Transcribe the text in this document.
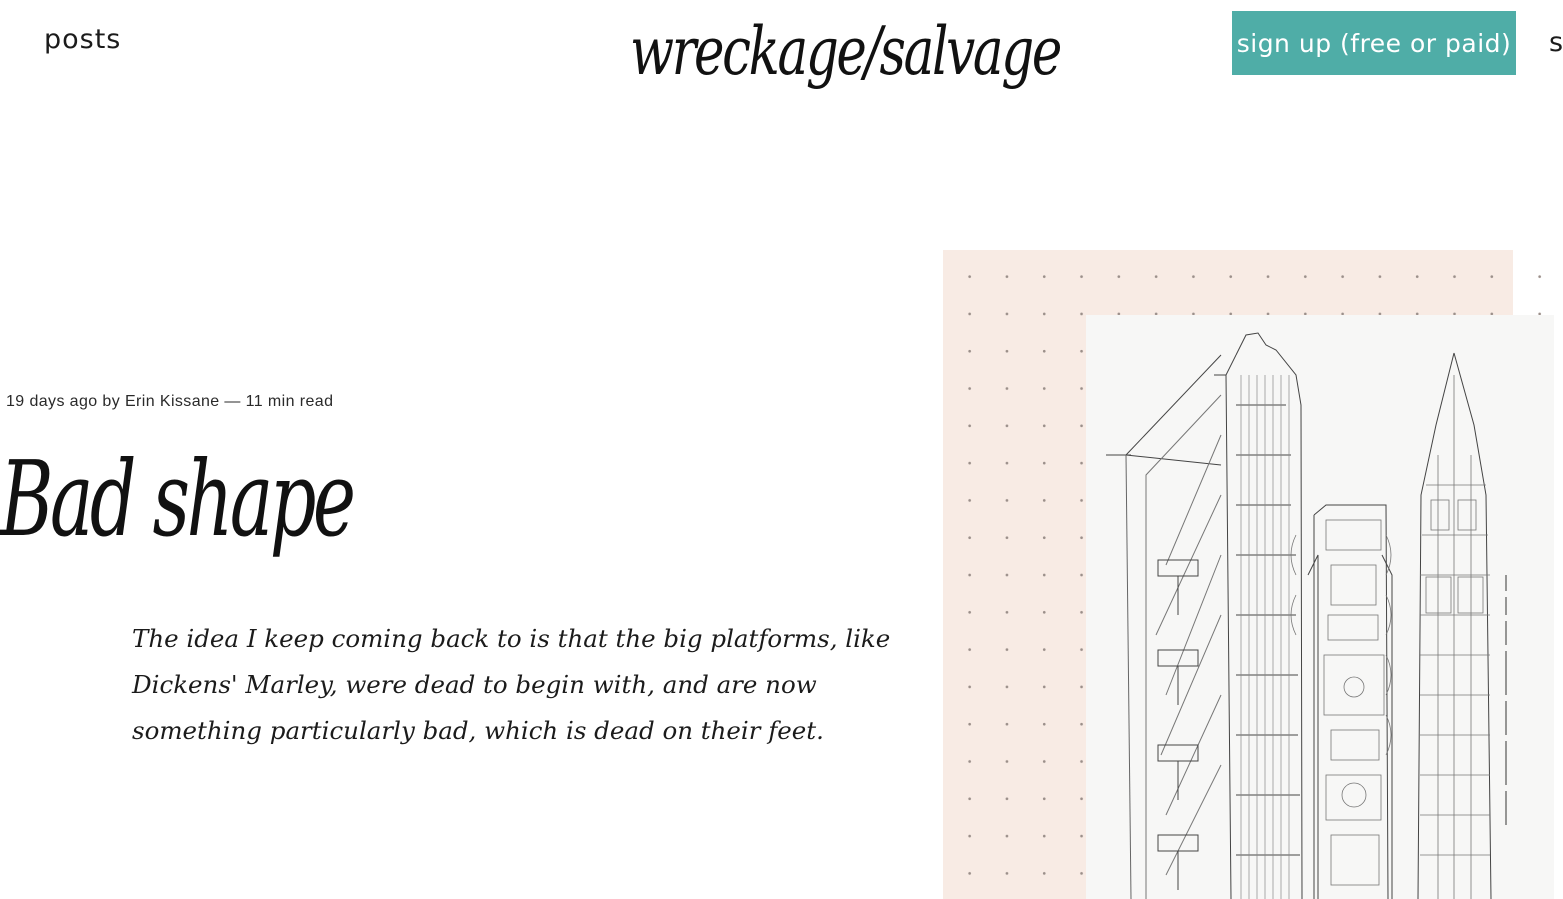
posts	wreckage/salvage	sign up (free or paid) s
19 days ago by Erin Kissane — 11 min read
Bad shape

The idea I keep coming back to is that the big platforms, like Dickens' Marley, were dead to begin with, and are now something particularly bad, which is dead on their feet.
